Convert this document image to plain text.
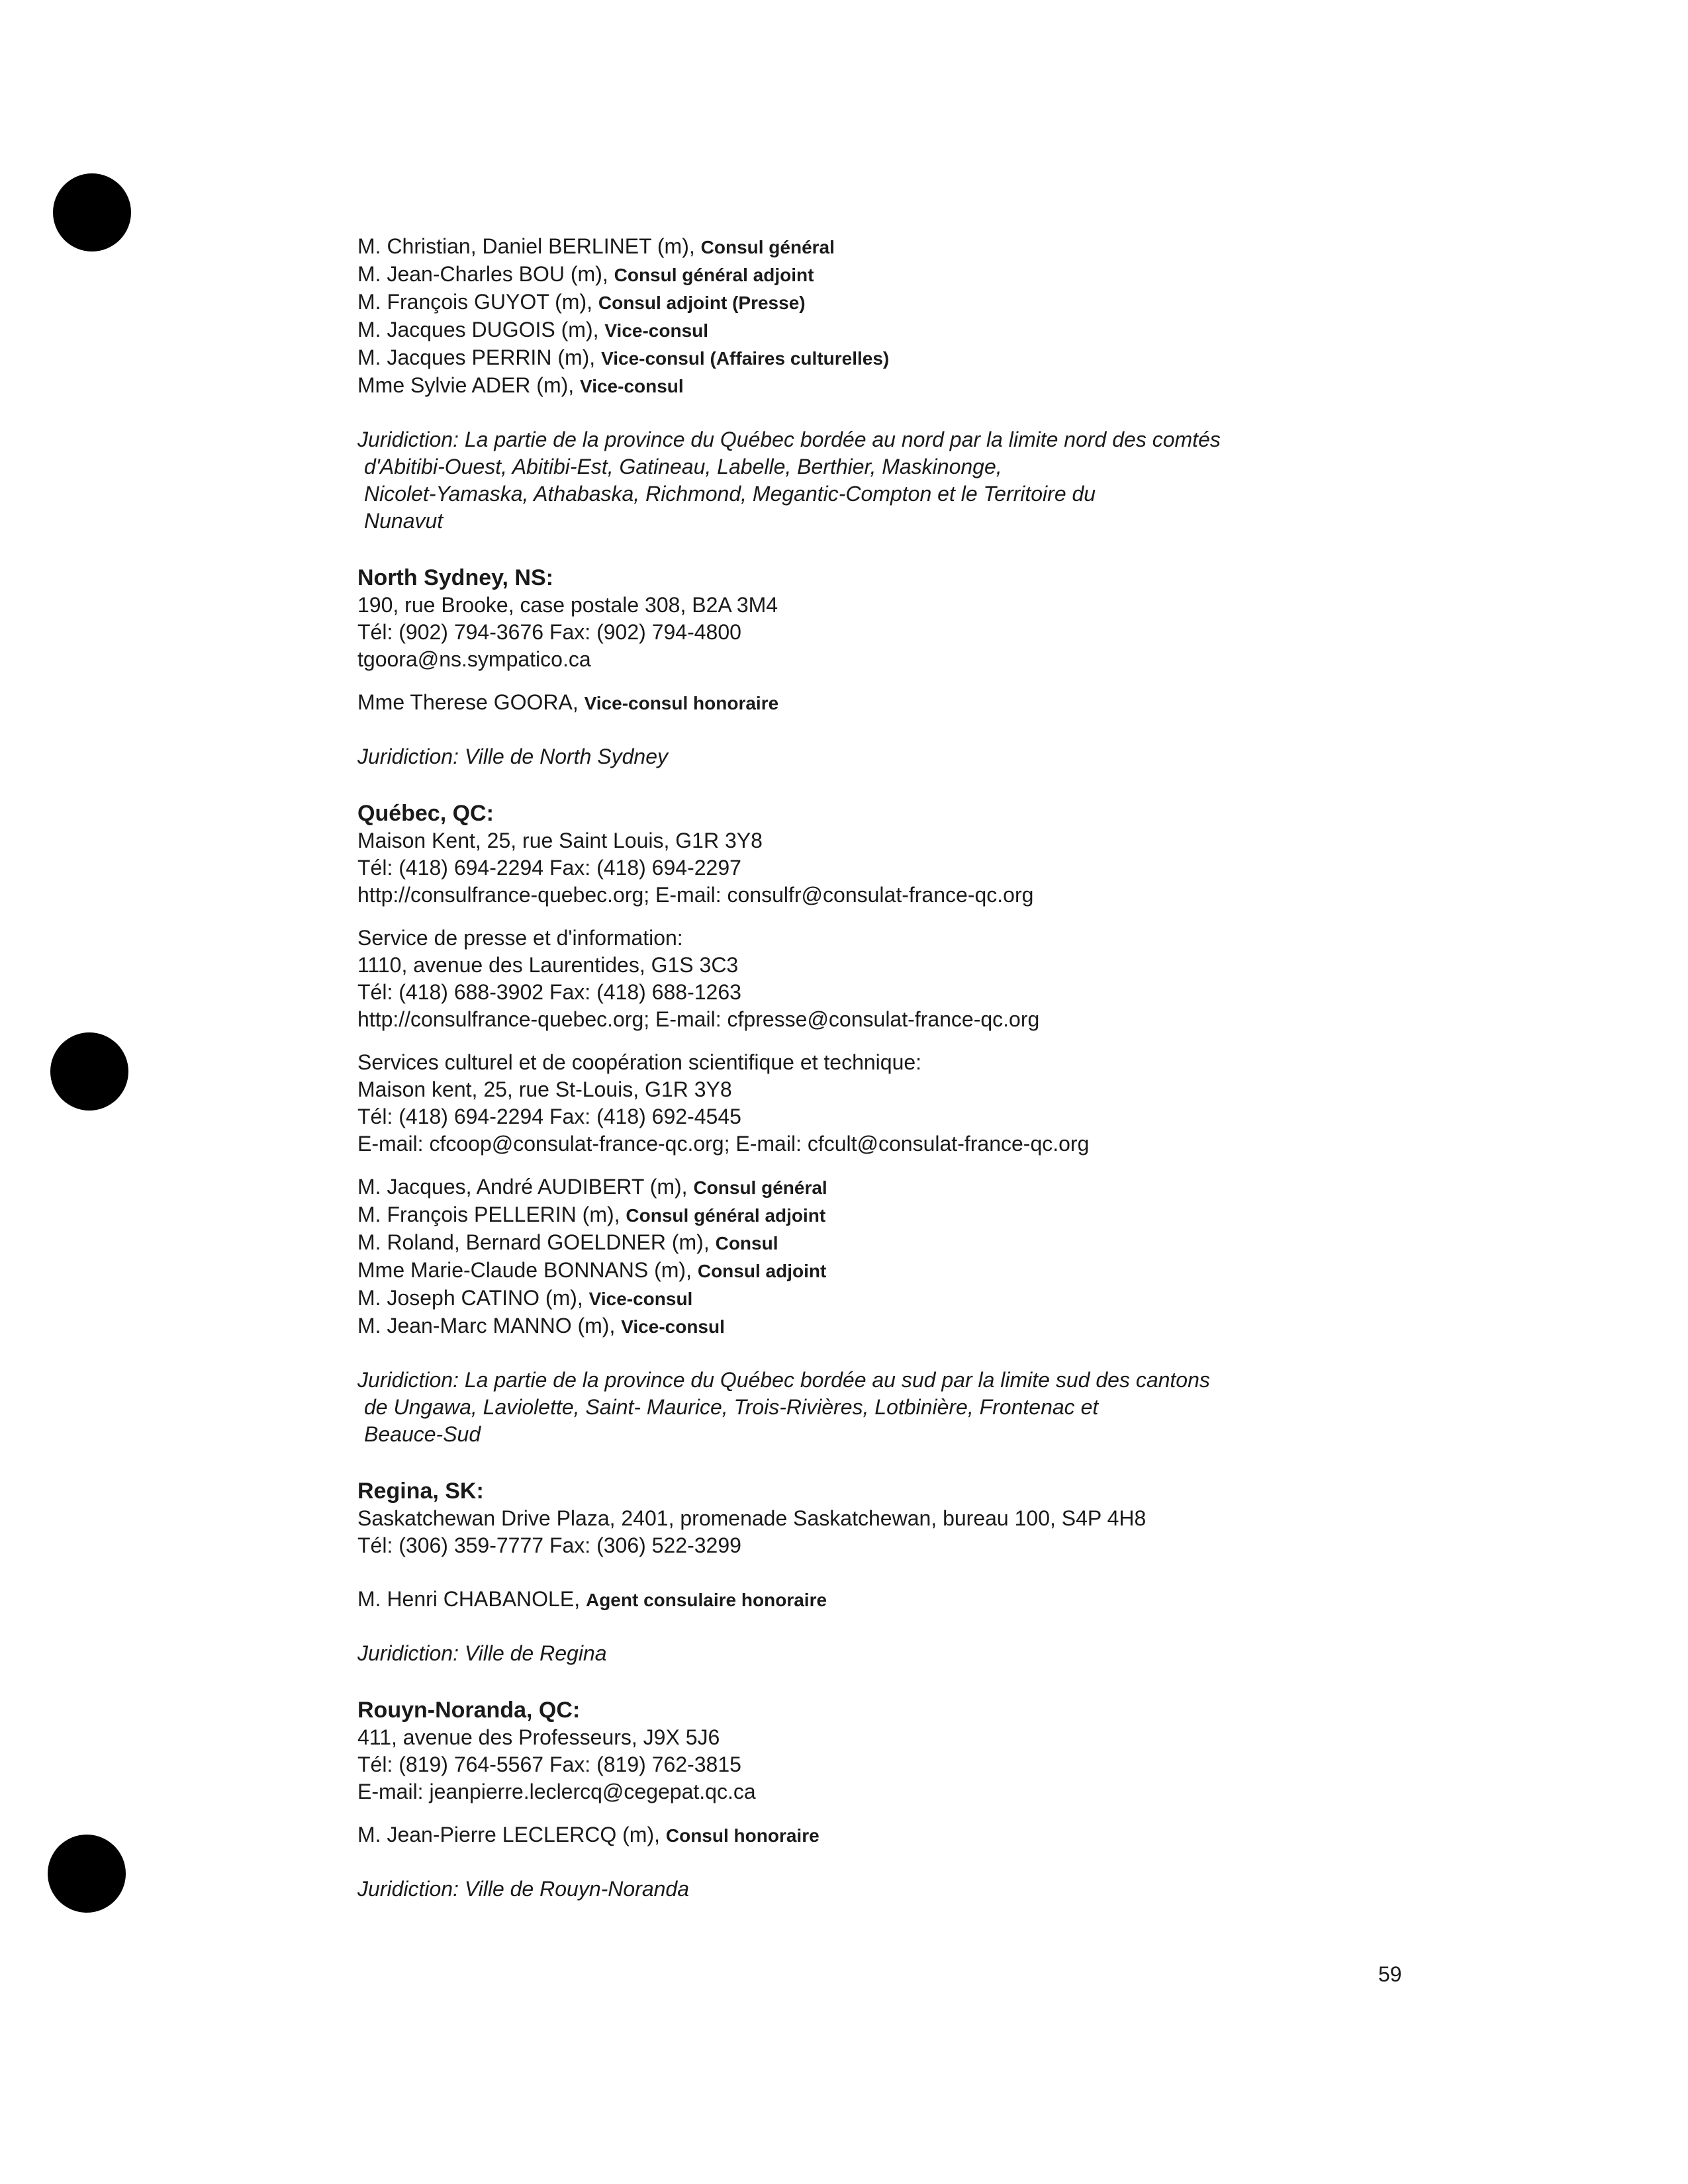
M. Christian, Daniel BERLINET (m), Consul général
M. Jean-Charles BOU (m), Consul général adjoint
M. François GUYOT (m), Consul adjoint (Presse)
M. Jacques DUGOIS (m), Vice-consul
M. Jacques PERRIN (m), Vice-consul (Affaires culturelles)
Mme Sylvie ADER (m), Vice-consul
Juridiction: La partie de la province du Québec bordée au nord par la limite nord des comtés
d'Abitibi-Ouest, Abitibi-Est, Gatineau, Labelle, Berthier, Maskinonge,
Nicolet-Yamaska, Athabaska, Richmond, Megantic-Compton et le Territoire du
Nunavut
North Sydney, NS:
190, rue Brooke, case postale 308, B2A 3M4
Tél: (902) 794-3676 Fax: (902) 794-4800
tgoora@ns.sympatico.ca
Mme Therese GOORA, Vice-consul honoraire
Juridiction: Ville de North Sydney
Québec, QC:
Maison Kent, 25, rue Saint Louis, G1R 3Y8
Tél: (418) 694-2294 Fax: (418) 694-2297
http://consulfrance-quebec.org; E-mail: consulfr@consulat-france-qc.org
Service de presse et d'information:
1110, avenue des Laurentides, G1S 3C3
Tél: (418) 688-3902 Fax: (418) 688-1263
http://consulfrance-quebec.org; E-mail: cfpresse@consulat-france-qc.org
Services culturel et de coopération scientifique et technique:
Maison kent, 25, rue St-Louis, G1R 3Y8
Tél: (418) 694-2294 Fax: (418) 692-4545
E-mail: cfcoop@consulat-france-qc.org; E-mail: cfcult@consulat-france-qc.org
M. Jacques, André AUDIBERT (m), Consul général
M. François PELLERIN (m), Consul général adjoint
M. Roland, Bernard GOELDNER (m), Consul
Mme Marie-Claude BONNANS (m), Consul adjoint
M. Joseph CATINO (m), Vice-consul
M. Jean-Marc MANNO (m), Vice-consul
Juridiction: La partie de la province du Québec bordée au sud par la limite sud des cantons
de Ungawa, Laviolette, Saint- Maurice, Trois-Rivières, Lotbinière, Frontenac et
Beauce-Sud
Regina, SK:
Saskatchewan Drive Plaza, 2401, promenade Saskatchewan, bureau 100, S4P 4H8
Tél: (306) 359-7777 Fax: (306) 522-3299
M. Henri CHABANOLE, Agent consulaire honoraire
Juridiction: Ville de Regina
Rouyn-Noranda, QC:
411, avenue des Professeurs, J9X 5J6
Tél: (819) 764-5567 Fax: (819) 762-3815
E-mail: jeanpierre.leclercq@cegepat.qc.ca
M. Jean-Pierre LECLERCQ (m), Consul honoraire
Juridiction: Ville de Rouyn-Noranda
59
